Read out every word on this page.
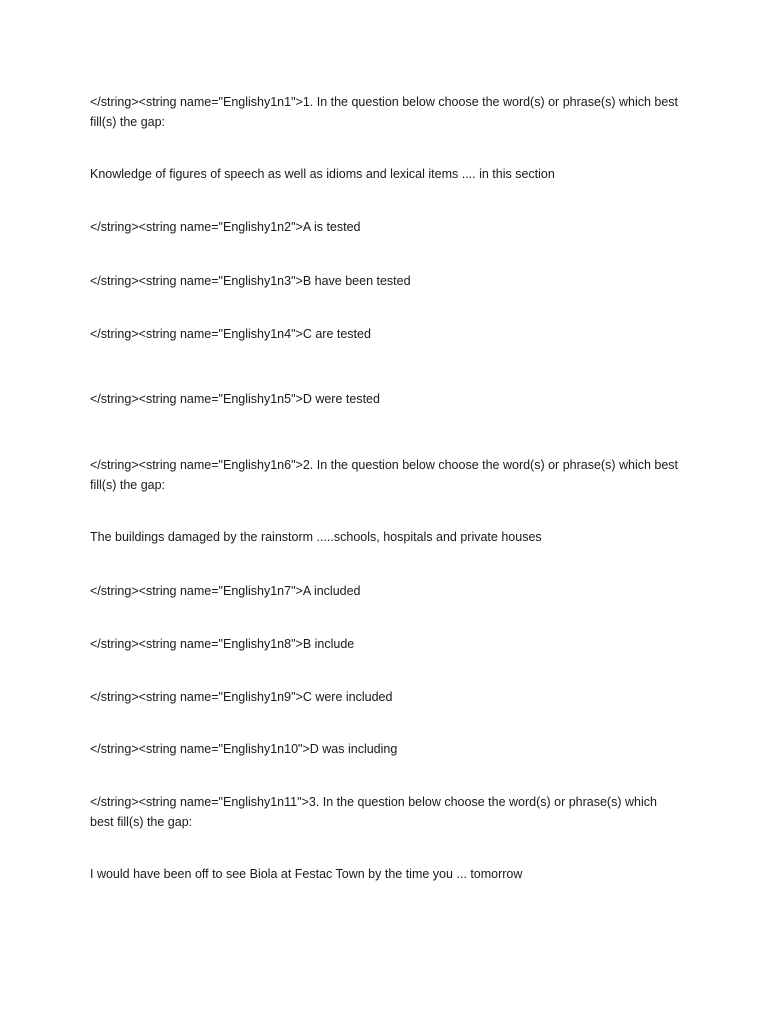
</string><string name="Englishy1n1">1. In the question below choose the word(s) or phrase(s) which best fill(s) the gap:

Knowledge of figures of speech as well as idioms and lexical items .... in this section

</string><string name="Englishy1n2">A is tested

</string><string name="Englishy1n3">B have been tested

</string><string name="Englishy1n4">C are tested

</string><string name="Englishy1n5">D were tested

</string><string name="Englishy1n6">2. In the question below choose the word(s) or phrase(s) which best fill(s) the gap:

The buildings damaged by the rainstorm .....schools, hospitals and private houses

</string><string name="Englishy1n7">A included

</string><string name="Englishy1n8">B include

</string><string name="Englishy1n9">C were included

</string><string name="Englishy1n10">D was including

</string><string name="Englishy1n11">3. In the question below choose the word(s) or phrase(s) which best fill(s) the gap:

I would have been off to see Biola at Festac Town by the time you ... tomorrow
